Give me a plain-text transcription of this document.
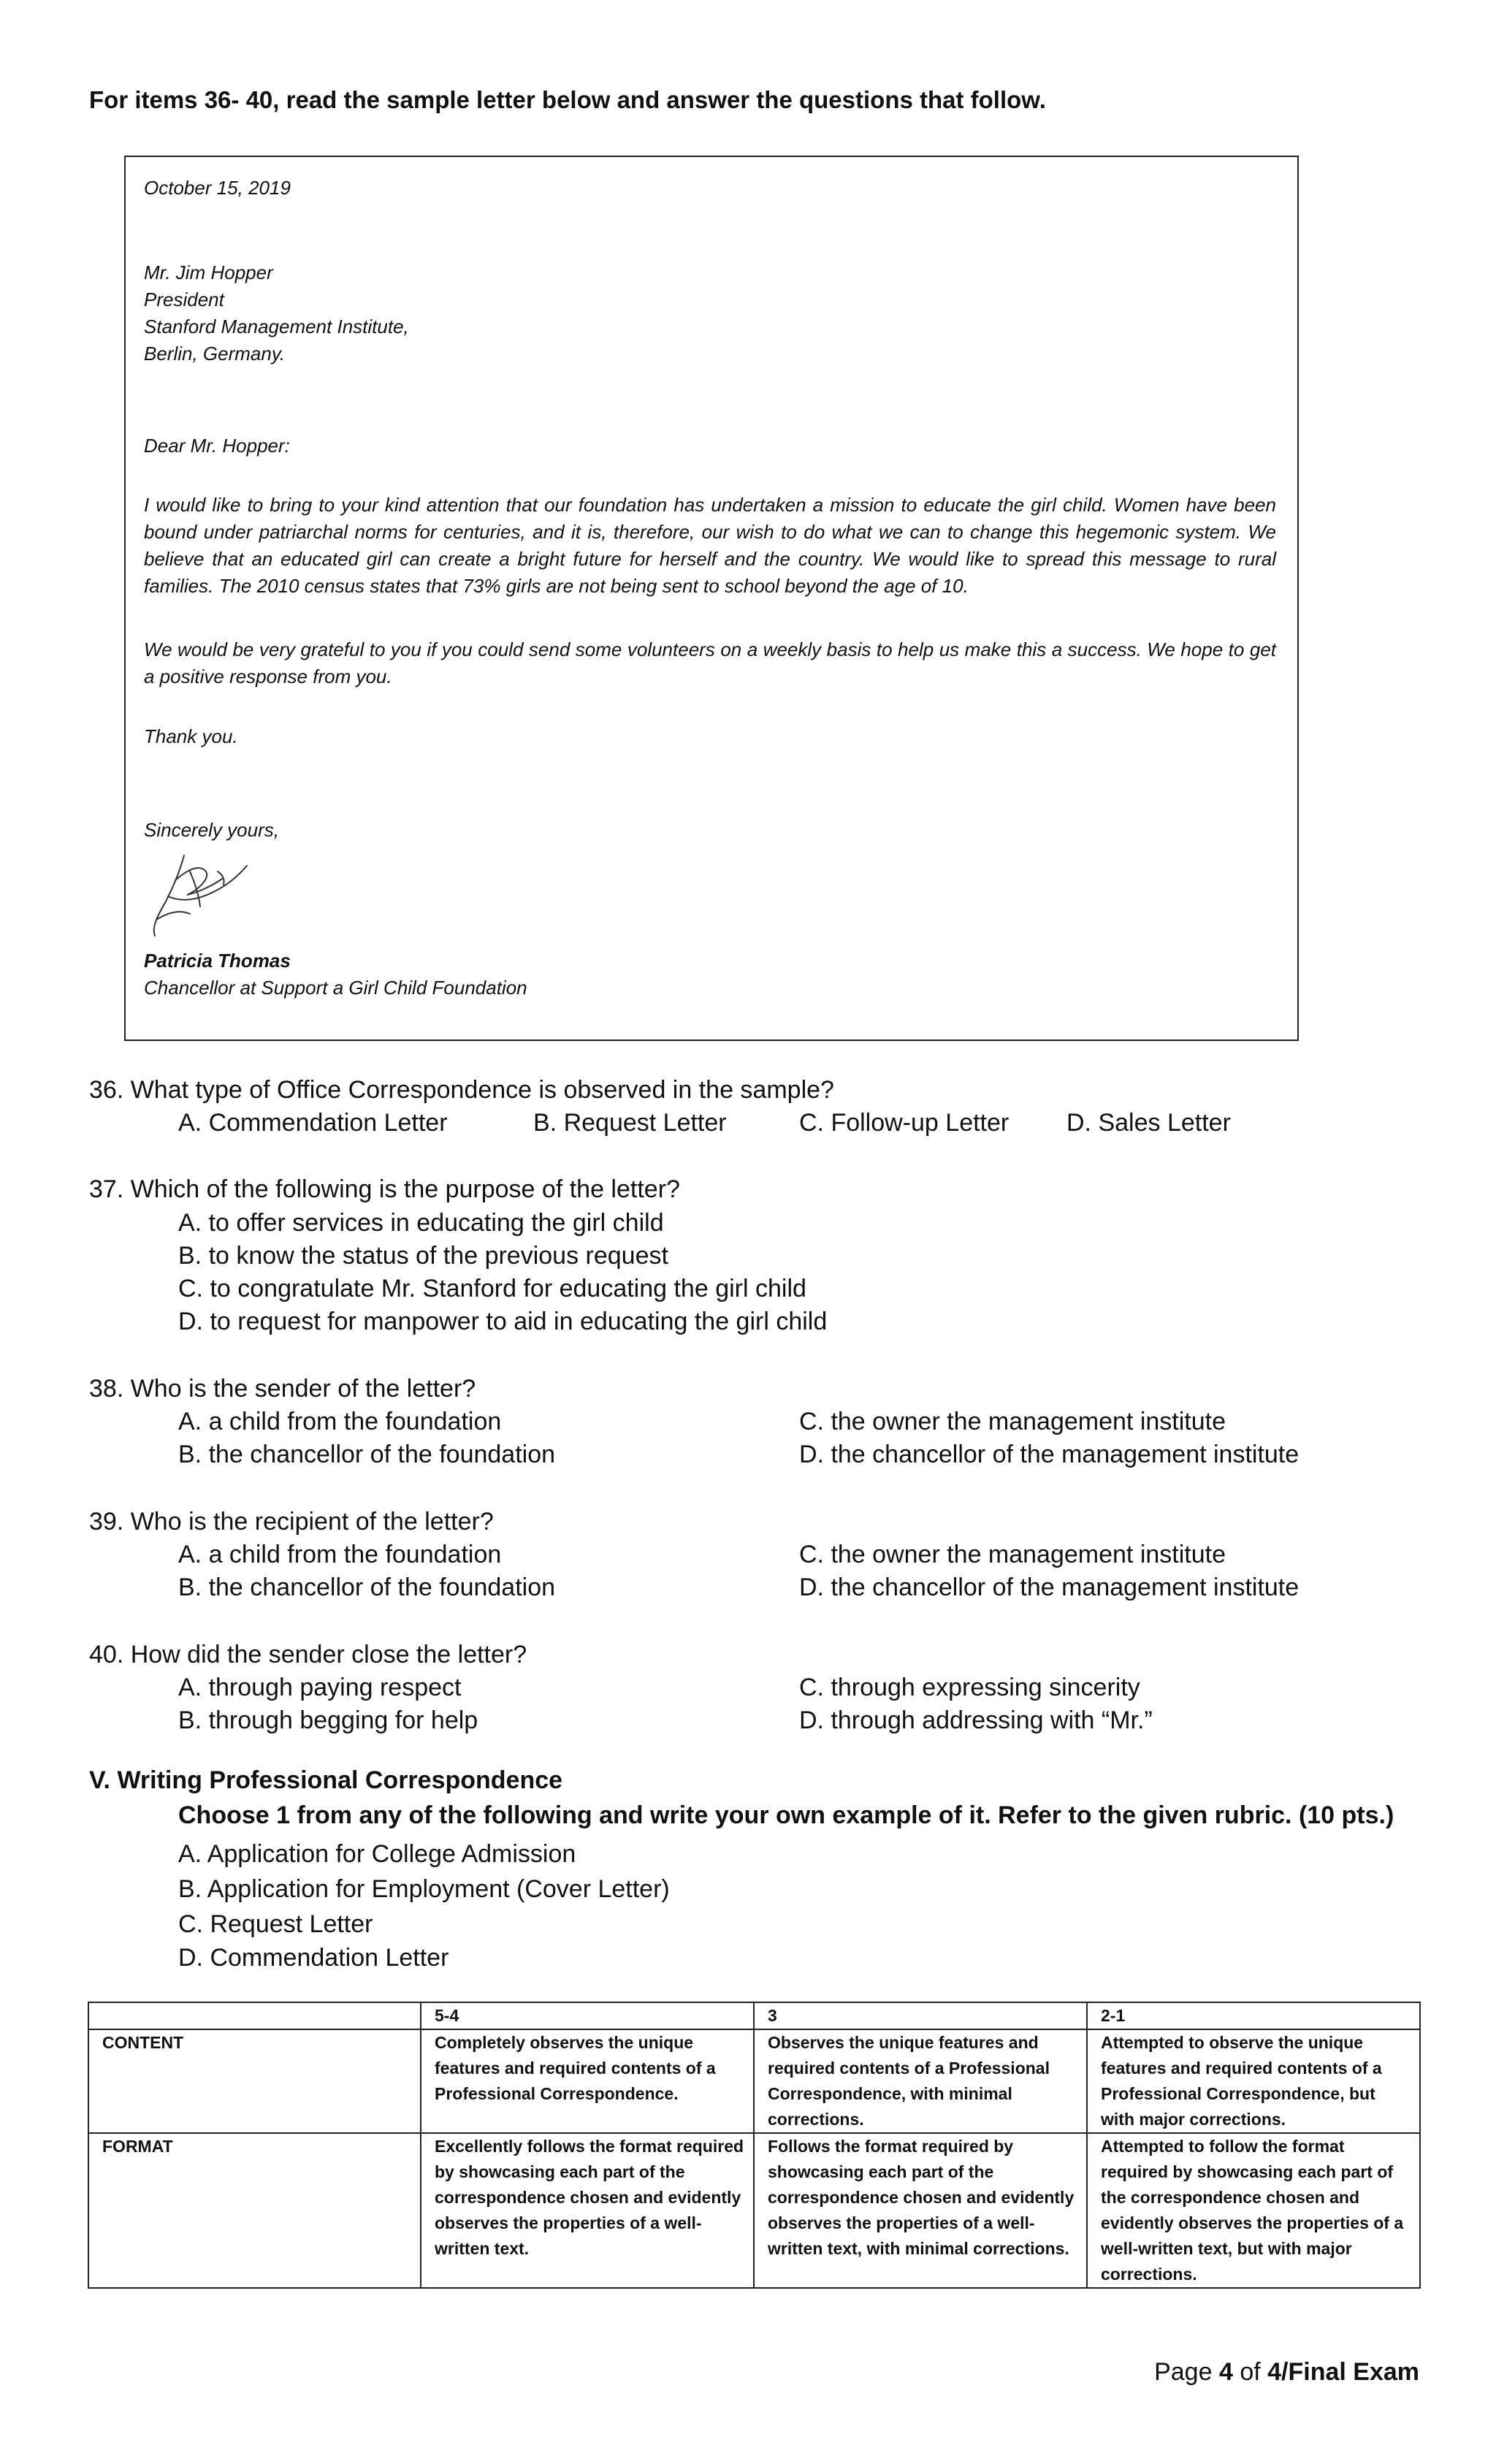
For items 36- 40, read the sample letter below and answer the questions that follow.
October 15, 2019
Mr. Jim Hopper
President
Stanford Management Institute,
Berlin, Germany.
Dear Mr. Hopper:
I would like to bring to your kind attention that our foundation has undertaken a mission to educate the girl child. Women have been bound under patriarchal norms for centuries, and it is, therefore, our wish to do what we can to change this hegemonic system. We believe that an educated girl can create a bright future for herself and the country. We would like to spread this message to rural families. The 2010 census states that 73% girls are not being sent to school beyond the age of 10.
We would be very grateful to you if you could send some volunteers on a weekly basis to help us make this a success. We hope to get a positive response from you.
Thank you.
Sincerely yours,
Patricia Thomas
Chancellor at Support a Girl Child Foundation
36. What type of Office Correspondence is observed in the sample?
A. Commendation Letter	B. Request Letter	C. Follow-up Letter D. Sales Letter
37. Which of the following is the purpose of the letter?
A. to offer services in educating the girl child
B. to know the status of the previous request
C. to congratulate Mr. Stanford for educating the girl child
D. to request for manpower to aid in educating the girl child
38. Who is the sender of the letter?
A. a child from the foundation
B. the chancellor of the foundation
C. the owner the management institute
D. the chancellor of the management institute
39. Who is the recipient of the letter?
A. a child from the foundation
B. the chancellor of the foundation
C. the owner the management institute
D. the chancellor of the management institute
40. How did the sender close the letter?
A. through paying respect
B. through begging for help
C. through expressing sincerity
D. through addressing with “Mr.”
V. Writing Professional Correspondence
Choose 1 from any of the following and write your own example of it. Refer to the given rubric. (10 pts.)
A. Application for College Admission
B. Application for Employment (Cover Letter)
C. Request Letter
D. Commendation Letter
	5-4	3	2-1
CONTENT	Completely observes the unique features and required contents of a Professional Correspondence.	Observes the unique features and required contents of a Professional Correspondence, with minimal corrections.	Attempted to observe the unique features and required contents of a Professional Correspondence, but with major corrections.
FORMAT	Excellently follows the format required by showcasing each part of the correspondence chosen and evidently observes the properties of a well-written text.	Follows the format required by showcasing each part of the correspondence chosen and evidently observes the properties of a well-written text, with minimal corrections.	Attempted to follow the format required by showcasing each part of the correspondence chosen and evidently observes the properties of a well-written text, but with major corrections.
Page 4 of 4/Final Exam
